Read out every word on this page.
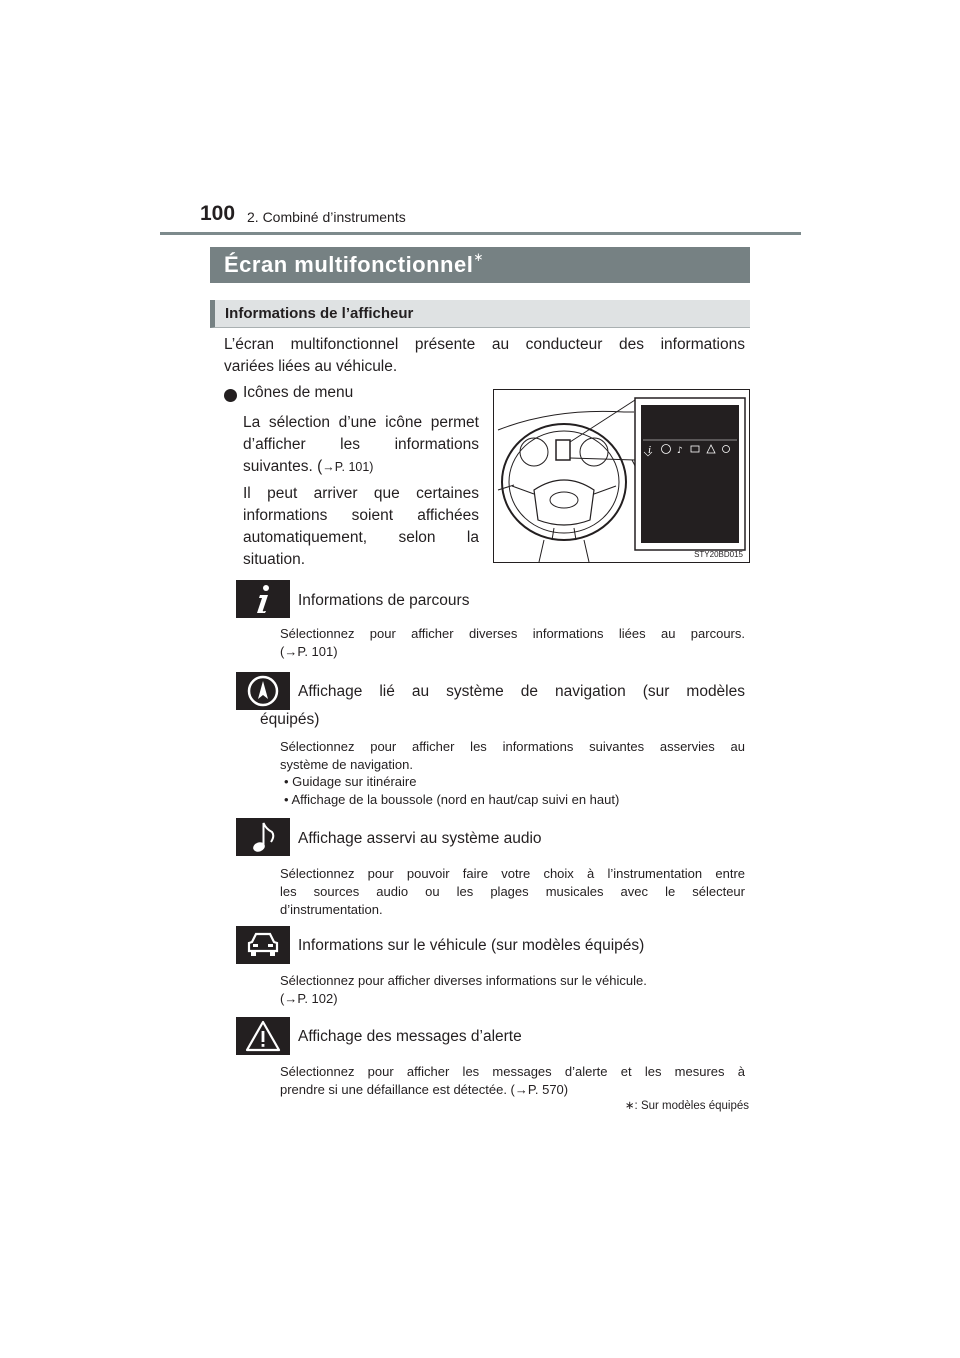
100 2. Combiné d’instruments
Écran multifonctionnel∗
Informations de l’afficheur
L’écran multifonctionnel présente au conducteur des informations
variées liées au véhicule.
Icônes de menu
La sélection d’une icône permet
d’afficher les informations
suivantes. (→P. 101)
Il peut arriver que certaines
informations soient affichées
automatiquement, selon la
situation.
i	♪
STY20BD015
Informations de parcours
Sélectionnez pour afficher diverses informations liées au parcours.
(→P. 101)
Affichage lié au système de navigation (sur modèles
équipés)
Sélectionnez pour afficher les informations suivantes asservies au
système de navigation.
• Guidage sur itinéraire
• Affichage de la boussole (nord en haut/cap suivi en haut)
Affichage asservi au système audio
Sélectionnez pour pouvoir faire votre choix à l’instrumentation entre
les sources audio ou les plages musicales avec le sélecteur
d’instrumentation.
Informations sur le véhicule (sur modèles équipés)
Sélectionnez pour afficher diverses informations sur le véhicule.
(→P. 102)
Affichage des messages d’alerte
Sélectionnez pour afficher les messages d’alerte et les mesures à
prendre si une défaillance est détectée. (→P. 570)
∗: Sur modèles équipés
